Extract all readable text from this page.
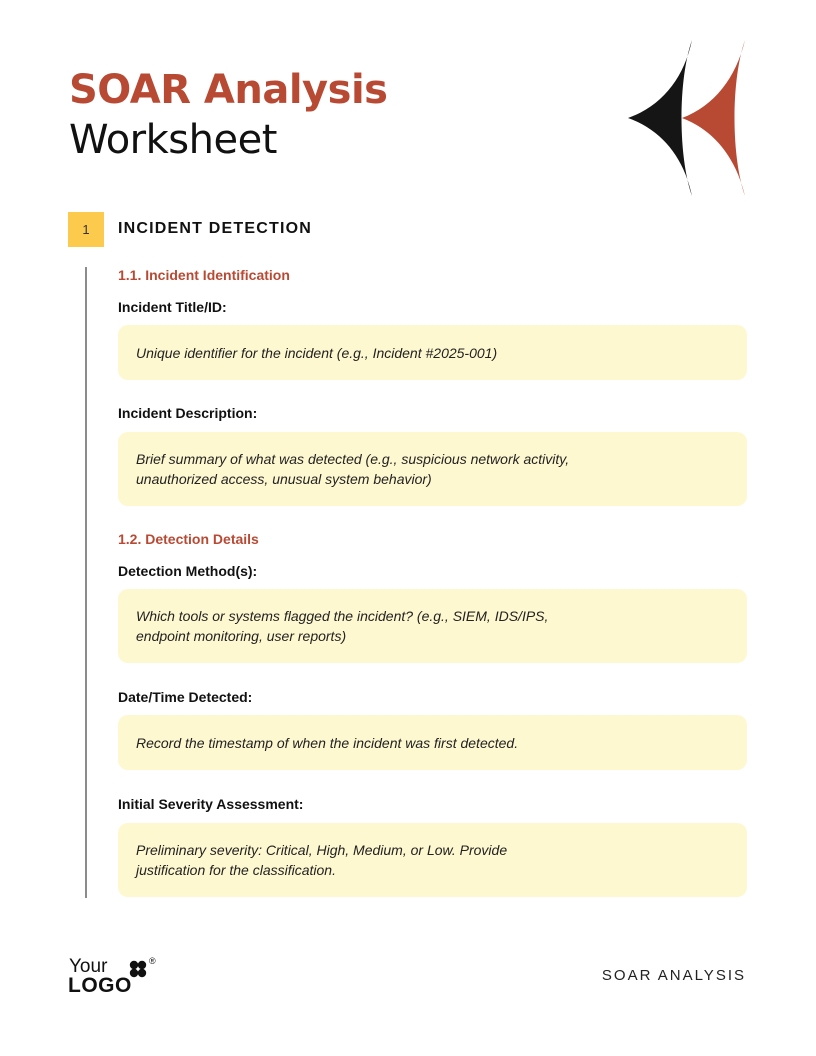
SOAR Analysis
Worksheet
1 INCIDENT DETECTION
1.1. Incident Identification
Incident Title/ID:

Unique identifier for the incident (e.g., Incident #2025-001)

Incident Description:

Brief summary of what was detected (e.g., suspicious network activity,
unauthorized access, unusual system behavior)

1.2. Detection Details
Detection Method(s):

Which tools or systems flagged the incident? (e.g., SIEM, IDS/IPS,
endpoint monitoring, user reports)

Date/Time Detected:

Record the timestamp of when the incident was first detected.

Initial Severity Assessment:

Preliminary severity: Critical, High, Medium, or Low. Provide
justification for the classification.

Your	®
LOGO	SOAR ANALYSIS
